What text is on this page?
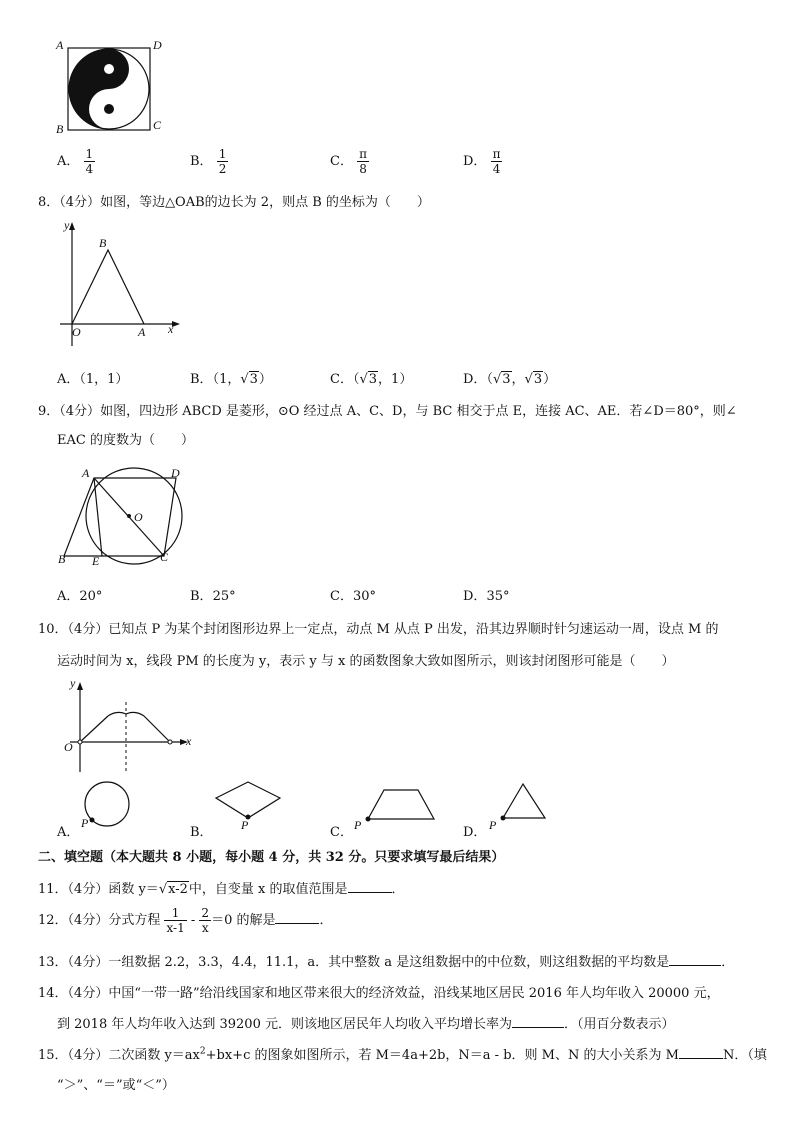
A	D
B	C
A． $\frac{1}{4}$	B． $\frac{1}{2}$	C． $\frac{\pi}{8}$	D． $\frac{\pi}{4}$
8．（4分）如图，等边△OAB的边长为 2，则点 B 的坐标为（　　）
y
B
O	A x
A．（1，1）	B．（1，√3）	C．（√3，1）	D．（√3，√3）
9．（4分）如图，四边形 ABCD 是菱形，⊙O 经过点 A、C、D，与 BC 相交于点 E，连接 AC、AE．若∠D＝80°，则∠
EAC 的度数为（　　）
A	D
O
B E	C
A．20°	B．25°	C．30°	D．35°
10．（4分）已知点 P 为某个封闭图形边界上一定点，动点 M 从点 P 出发，沿其边界顺时针匀速运动一周，设点 M 的
运动时间为 x，线段 PM 的长度为 y，表示 y 与 x 的函数图象大致如图所示，则该封闭图形可能是（　　）
y
O	x
A．
P
B． P	C． P	D． P
二、填空题（本大题共 8 小题，每小题 4 分，共 32 分。只要求填写最后结果）
11．（4分）函数 y＝√x-2中，自变量 x 的取值范围是	．
12．（4分）分式方程 $\frac{1}{x-1} - \frac{2}{x} =0$ 的解是	．
13．（4分）一组数据 2.2，3.3，4.4，11.1，a．其中整数 a 是这组数据中的中位数，则这组数据的平均数是	．
14．（4分）中国“一带一路”给沿线国家和地区带来很大的经济效益，沿线某地区居民 2016 年人均年收入 20000 元，
到 2018 年人均年收入达到 39200 元．则该地区居民年人均收入平均增长率为	．（用百分数表示）
15．（4分）二次函数 $y=ax^2+bx+c$ 的图象如图所示，若 M＝4a+2b，N＝a - b．则 M、N 的大小关系为 M	N．（填
“＞”、“＝”或“＜”）
